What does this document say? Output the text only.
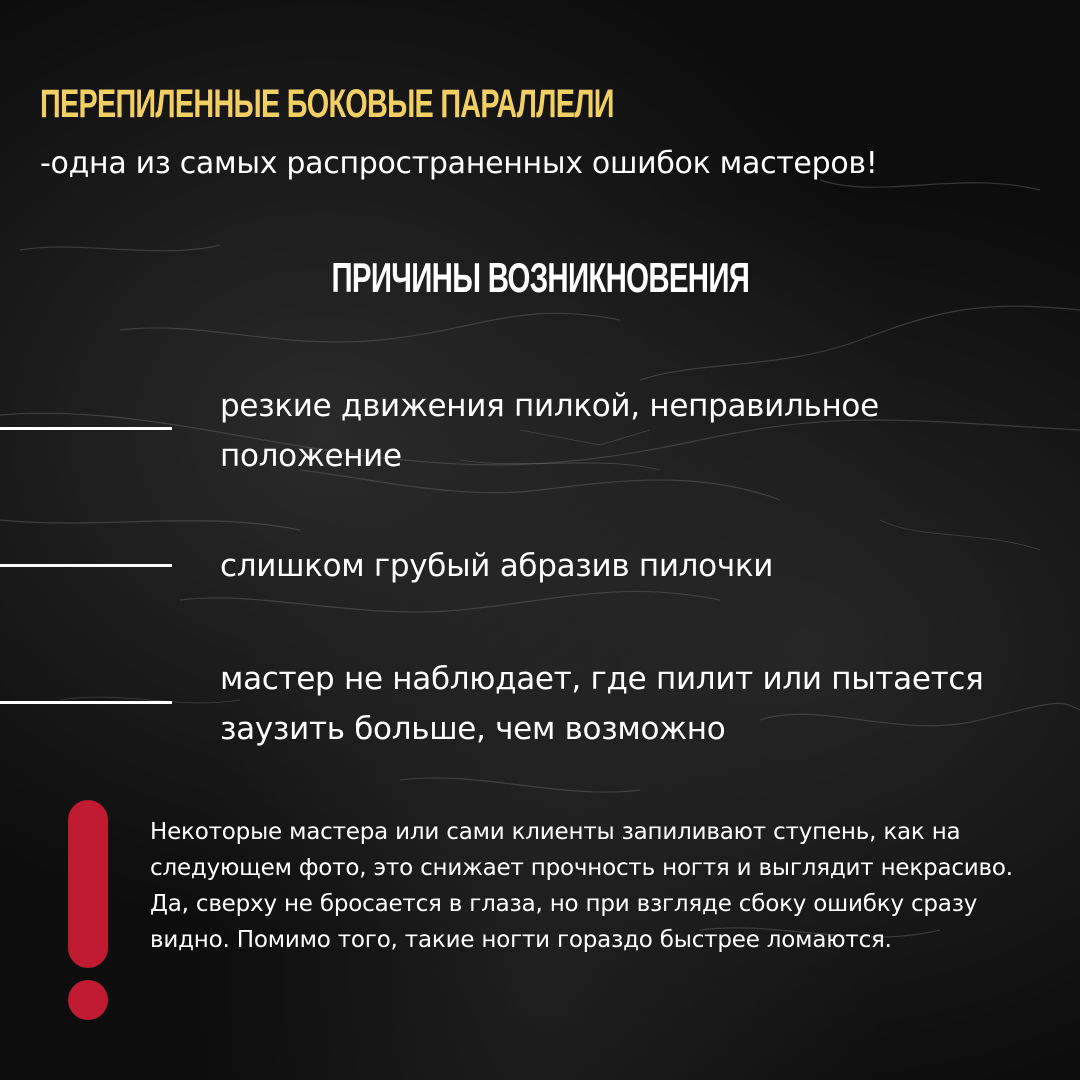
ПЕРЕПИЛЕННЫЕ БОКОВЫЕ ПАРАЛЛЕЛИ

-одна из самых распространенных ошибок мастеров!

ПРИЧИНЫ ВОЗНИКНОВЕНИЯ

резкие движения пилкой, неправильное положение

слишком грубый абразив пилочки

мастер не наблюдает, где пилит или пытается заузить больше, чем возможно

Некоторые мастера или сами клиенты запиливают ступень, как на следующем фото, это снижает прочность ногтя и выглядит некрасиво. Да, сверху не бросается в глаза, но при взгляде сбоку ошибку сразу видно. Помимо того, такие ногти гораздо быстрее ломаются.
